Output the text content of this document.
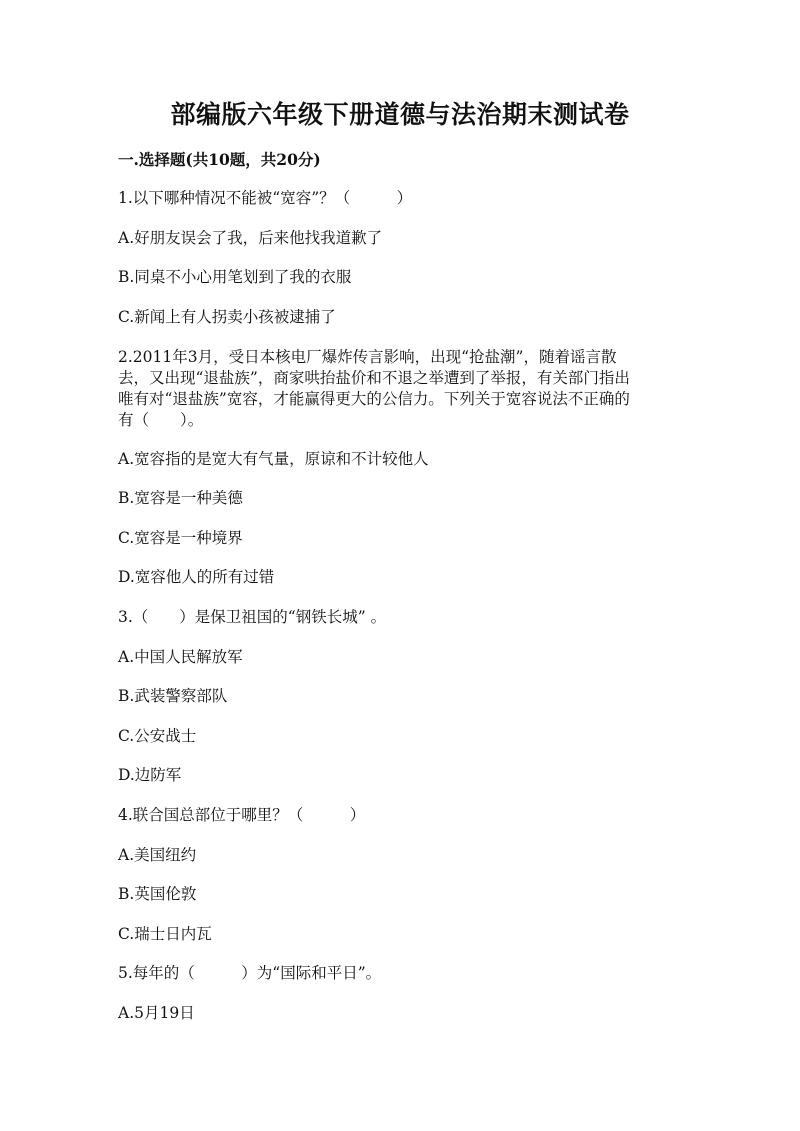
部编版六年级下册道德与法治期末测试卷

一.选择题(共10题，共20分)

1.以下哪种情况不能被“宽容”？（　　　）

A.好朋友误会了我，后来他找我道歉了

B.同桌不小心用笔划到了我的衣服

C.新闻上有人拐卖小孩被逮捕了

2.2011年3月，受日本核电厂爆炸传言影响，出现“抢盐潮”，随着谣言散
去，又出现“退盐族”，商家哄抬盐价和不退之举遭到了举报，有关部门指出
唯有对“退盐族”宽容，才能赢得更大的公信力。下列关于宽容说法不正确的
有（　　）。

A.宽容指的是宽大有气量，原谅和不计较他人

B.宽容是一种美德

C.宽容是一种境界

D.宽容他人的所有过错

3.（　　）是保卫祖国的“钢铁长城” 。

A.中国人民解放军

B.武装警察部队

C.公安战士

D.边防军

4.联合国总部位于哪里？（　　　）

A.美国纽约

B.英国伦敦

C.瑞士日内瓦

5.每年的（　　　）为“国际和平日”。

A.5月19日
